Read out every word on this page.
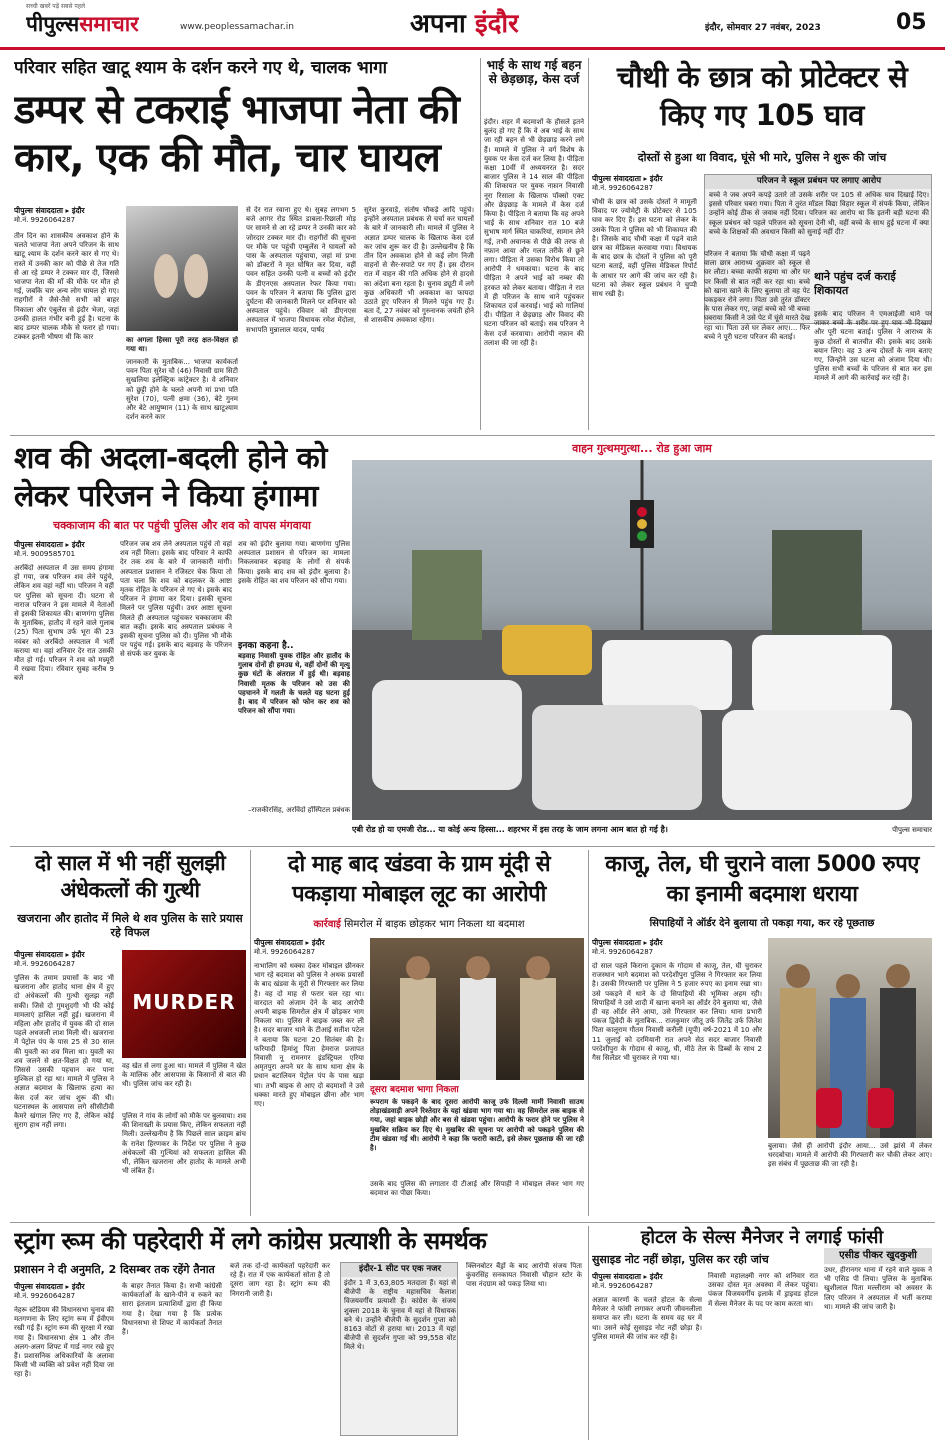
सच्ची खबरें पढ़ें सबसे पहले
पीपुल्ससमाचार	www.peoplessamachar.in	अपना इंदौर	इंदौर, सोमवार 27 नवंबर, 2023	05
परिवार सहित खाटू श्याम के दर्शन करने गए थे, चालक भागा
डम्पर से टकराई भाजपा नेता की कार, एक की मौत, चार घायल
पीपुल्स संवाददाता ▸ इंदौर
मो.नं. 9926064287
तीन दिन का शासकीय अवकाश होने के चलते भाजपा नेता अपने परिजन के साथ खाटू श्याम के दर्शन करने कार से गए थे। रास्ते में उनकी कार को पीछे से तेज गति से आ रहे डम्पर ने टक्कर मार दी, जिससे भाजपा नेता की माँ की मौके पर मौत हो गई, जबकि चार अन्य लोग घायल हो गए। राहगीरों ने जैसे-तैसे सभी को बाहर निकाला और एंबुलेंस से इंदौर भेजा, जहां उनकी हालत गंभीर बनी हुई है। घटना के बाद डम्पर चालक मौके से फरार हो गया। टक्कर इतनी भीषण थी कि कार	का अगला हिस्सा पूरी तरह क्षत-विक्षत हो गया था।
जानकारी के मुताबिक... भाजपा कार्यकर्ता पवन पिता सुरेश चौ (46) निवासी ग्राम सिटी सुखलिया इलेक्ट्रिक कांट्रेक्टर है। वे शनिवार को छुट्टी होने के चलते अपनी मां प्रभा पति सुरेश (70), पत्नी क्षमा (36), बेटे गुनम और बेटे आयुष्मान (11) के साथ खाटूश्याम दर्शन करने कार
से देर रात रवाना हुए थे। सुबह लगभग 5 बजे आगर रोड स्थित डाबला-रिछाली मोड़ पर सामने से आ रहे डम्पर ने उनकी कार को जोरदार टक्कर मार दी। राहगीरों की सूचना पर मौके पर पहुंची एम्बुलेंस ने घायलों को पास के अस्पताल पहुंचाया, जहां मां प्रभा को डॉक्टरों ने मृत घोषित कर दिया, वहीं पवन सहित उनकी पत्नी व बच्चों को इंदौर के डीएनएस अस्पताल रेफर किया गया। पवन के परिजन ने बताया कि पुलिस द्वारा दुर्घटना की जानकारी मिलने पर शनिवार को अस्पताल पहुंचे। रविवार को डीएनएस अस्पताल में भाजपा विधायक रमेश मेंदोला, सभापति मुन्नालाल यादव, पार्षद
सुरेश कुरवाड़े, संतोष चौकड़े आदि पहुंचे। इन्होंने अस्पताल प्रबंधक से चर्चा कर घायलों के बारे में जानकारी ली। मामले में पुलिस ने अज्ञात डम्पर चालक के खिलाफ केस दर्ज कर जांच शुरू कर दी है। उल्लेखनीय है कि तीन दिन अवकाश होने से कई लोग निजी वाहनों से सैर-सपाटे पर गए हैं। इस दौरान रात में वाहन की गति अधिक होने से हादसे का अंदेशा बना रहता है। चुनाव ड्यूटी में लगे कुछ अधिकारी भी अवकाश का फायदा उठाते हुए परिजन से मिलने पहुंच गए हैं। बता दें, 27 नवंबर को गुरुनानक जयंती होने से शासकीय अवकाश रहेगा।
भाई के साथ गई बहन से छेड़छाड़, केस दर्ज
इंदौर। शहर में बदमाशों के हौसले इतने बुलंद हो गए हैं कि वे अब भाई के साथ जा रही बहन से भी छेड़छाड़ करने लगे हैं। मामले में पुलिस ने वर्ग विशेष के युवक पर केस दर्ज कर लिया है। पीड़िता कक्षा 10वीं में अध्ययनरत है। सदर बाजार पुलिस ने 14 साल की पीड़िता की शिकायत पर युवक नफ़ान निवासी नूरा रिसाला के खिलाफ पॉक्सो एक्ट और छेड़छाड़ के मामले में केस दर्ज किया है। पीड़िता ने बताया कि वह अपने भाई के साथ शनिवार रात 10 बजे सुभाष मार्ग स्थित चाकरियां, सामान लेने गई, तभी अचानक से पीछे की तरफ से नफ़ान आया और गलत तरीके से छूने लगा। पीड़िता ने उसका विरोध किया तो आरोपी ने धमकाया। घटना के बाद पीड़िता ने अपने भाई को नम्बर की हरकत को लेकर बताया। पीड़िता ने रात में ही परिजन के साथ थाने पहुंचकर शिकायत दर्ज करवाई। भाई को गालियां दी। पीड़िता ने छेड़छाड़ और विवाद की घटना परिजन को बताई। सब परिजन ने केस दर्ज करवाया। आरोपी नफ़ान की तलाश की जा रही है।
चौथी के छात्र को प्रोटेक्टर से किए गए 105 घाव
दोस्तों से हुआ था विवाद, घूंसे भी मारे, पुलिस ने शुरू की जांच
पीपुल्स संवाददाता ▸ इंदौर
मो.नं. 9926064287
चौथी के छात्र को उसके दोस्तों ने मामूली विवाद पर ज्योमेट्री के प्रोटेक्टर से 105 घाव कर दिए हैं। इस घटना को लेकर के उसके पिता ने पुलिस को भी शिकायत की है। जिसके बाद चौथी कक्षा में पढ़ने वाले छात्र का मेडिकल करवाया गया। विधायक के बाद छात्र के दोस्तों ने पुलिस को पूरी घटना बताई, वहीं पुलिस मेडिकल रिपोर्ट के आधार पर आगे की जांच कर रही है। घटना को लेकर स्कूल प्रबंधन ने चुप्पी साध रखी है।
परिजन ने स्कूल प्रबंधन पर लगाए आरोप
बच्चे ने जब अपने कपड़े उतारे तो उसके शरीर पर 105 से अधिक घाव दिखाई दिए। इससे परिवार घबरा गया। पिता ने तुरंत मॉडल विद्या विहार स्कूल में संपर्क किया, लेकिन उन्होंने कोई ठीक से जवाब नहीं दिया। परिजन का आरोप था कि इतनी बड़ी घटना की स्कूल प्रबंधन को पहले परिजन को सूचना देनी थी, वहीं बच्चे के साथ हुई घटना में क्या बच्चे के शिक्षकों की अवधान किसी को सुनाई नहीं दी?
परिजन ने बताया कि चौथी कक्षा में पढ़ने वाला छात्र आराध्य शुक्रवार को स्कूल से घर लौटा। बच्चा काफी सहमा था और घर पर किसी से बात नहीं कर रहा था। बच्चे को खाना खाने के लिए बुलाया तो वह पेट पकड़कर रोने लगा। पिता उसे तुरंत डॉक्टर के पास लेकर गए, जहां बच्चे को भी बच्चा घबराया किसी ने उसे पेट में घूंसे मारते देख रहा था। पिता उसे घर लेकर आए।... फिर बच्चे ने पूरी घटना परिजन की बताई।
थाने पहुंच दर्ज कराई शिकायत
इसके बाद परिजन ने एमआईजी थाने पर जाकर बच्चे के शरीर पर हुए घाव भी दिखाए और पूरी घटना बताई। पुलिस ने आराध्य के कुछ दोस्तों से बातचीत की। इसके बाद उसके बयान लिए। वह 3 अन्य दोस्तों के नाम बताए गए, जिन्होंने उस घटना को अंजाम दिया थी। पुलिस सभी बच्चों के परिजन से बात कर इस मामले में आगे की कार्रवाई कर रही है।
शव की अदला-बदली होने को लेकर परिजन ने किया हंगामा
चक्काजाम की बात पर पहुंची पुलिस और शव को वापस मंगवाया
पीपुल्स संवाददाता ▸ इंदौर
मो.नं. 9009585701
अरबिंदो अस्पताल में उस समय हंगामा हो गया, जब परिजन शव लेने पहुंचे, लेकिन शव वहां नहीं था। परिजन ने वहीं पर पुलिस को सूचना दी। घटना से नाराज परिजन ने इस मामले में नेताओं से इसकी शिकायत की। बाणगंगा पुलिस के मुताबिक, हातौद में रहने वाले गुलाब (25) पिता सुभाष उर्फ भूरा की 23 नवंबर को अरबिंदो अस्पताल में भर्ती कराया था। वहां शनिवार देर रात उसकी मौत हो गई। परिजन ने शव को मच्र्यूरी में रखवा दिया। रविवार सुबह करीब 9 बजे
परिजन जब शव लेने अस्पताल पहुंचे तो वहां शव नहीं मिला। इसके बाद परिवार ने काफी देर तक शव के बारे में जानकारी मांगी। अस्पताल प्रशासन ने रजिस्टर चेक किया तो पता चला कि शव को बदलकर के आष्टा मृतक रोहित के परिजन ले गए थे। इसके बाद परिजन ने हंगामा कर दिया। इसकी सूचना मिलने पर पुलिस पहुंची। उधर आष्टा सूचना मिलते ही अस्पताल पहुंचकर चक्काजाम की बात कही। इसके बाद अस्पताल प्रबंधक ने इसकी सूचना पुलिस को दी। पुलिस भी मौके पर पहुंच गई। इसके बाद बड़वाह के परिजन से संपर्क कर युवक के
शव को इंदौर बुलाया गया। बाणगंगा पुलिस अस्पताल प्रशासन से परिजन का मामला निकलवाकर बड़वाह के लोगों से संपर्क किया। इसके बाद शव को इंदौर बुलाया है। इसके रोहित का शव परिजन को सौंपा गया।
इनका कहना है..
बड़वाह निवासी युवक रोहित और हातौद के गुलाब दोनों ही हमउम्र थे, वहीं दोनों की मृत्यु कुछ घंटों के अंतराल में हुई थी। बड़वाह निवासी मृतक के परिजन को उस की पहचानने में गलती के चलते यह घटना हुई है। बाद में परिजन को फोन कर शव को परिजन को सौंपा गया।
–राजकीरसिंह, अरविंदो हॉस्पिटल प्रबंधक
वाहन गुत्थमगुत्था... रोड हुआ जाम
एबी रोड हो या एमजी रोड... या कोई अन्य हिस्सा... शहरभर में इस तरह के जाम लगना आम बात हो गई है।	पीपुल्स समाचार
दो साल में भी नहीं सुलझी अंधेकत्लों की गुत्थी
खजराना और हातोद में मिले थे शव पुलिस के सारे प्रयास रहे विफल
पीपुल्स संवाददाता ▸ इंदौर
मो.नं. 9926064287
पुलिस के तमाम प्रयासों के बाद भी खजराना और हातोद थाना क्षेत्र में हुए दो अंधेकत्लों की गुत्थी सुलझ नहीं सकी। जिसे दो गुमशुदगी भी फी कोई मामलाएं हासिल नहीं हुई। खजराना में महिला और हातोद में युवक की दो साल पहले अधजली लाश मिली थी। खजराना में पेट्रोल पंप के पास 25 से 30 साल की युवती का शव मिला था। युवती का शव जलने से क्षत-विक्षत हो गया था, जिससे उसकी पहचान कर पाना मुश्किल हो रहा था। मामले में पुलिस ने अज्ञात बदमाश के खिलाफ हत्या का केस दर्ज कर जांच शुरू की थी। घटनास्थल के आसपास लगे सीसीटीवी कैमरे खंगाल लिए गए हैं, लेकिन कोई सुराग हाथ नहीं लगा।
MURDER
वह खेत से लगा हुआ था। मामले में पुलिस ने खेत के मालिक और आसपास के किसानों से बात की थी। पुलिस जांच कर रही है।
पुलिस ने गांव के लोगों को मौके पर बुलवाया। शव की शिनाख्ती के प्रयास किए, लेकिन सफलता नहीं मिली। उल्लेखनीय है कि पिछले साल क्राइम ब्रांच के रानेश हिरणकर के निर्देश पर पुलिस ने कुछ अंधेकत्लों की गुत्थियां को सफलता हासिल की थी, लेकिन खजराना और हातोद के मामले अभी भी लंबित हैं।
दो माह बाद खंडवा के ग्राम मूंदी से पकड़ाया मोबाइल लूट का आरोपी
कार्रवाई सिमरोल में बाइक छोड़कर भाग निकला था बदमाश
पीपुल्स संवाददाता ▸ इंदौर
मो.नं. 9926064287
नाभालिग को धक्का देकर मोबाइल छीनकर भाग रहे बदमाश को पुलिस ने अथक प्रयासों के बाद खंडवा के मूंदी से गिरफ्तार कर लिया है। वह दो माह से फरार चल रहा था। वारदात को अंजाम देने के बाद आरोपी अपनी बाइक सिमरोल क्षेत्र में छोड़कर भाग निकला था। पुलिस ने बाइक जब्त कर ली है। सदर बाजार थाने के टीआई सतीश पटेल ने बताया कि घटना 20 सितंबर की है। फरियादी हिमांशु पिता हेमराज प्रजापत निवासी नू रामनगर इंडस्ट्रियल एरिया अमृतपुरा अपने घर के साथ थाना क्षेत्र के प्रधान बटालियन पेट्रोल पंप के पास खड़ा था। तभी बाइक से आए दो बदमाशों ने उसे धक्का मारते हुए मोबाइल छीना और भाग गए।
दूसरा बदमाश भागा निकला
रूपराम के पकड़ने के बाद दूसरा आरोपी काजू उर्फ दिल्ली मामी निवासी साउथ तोड़ाखंडवाड़ी अपने रिश्तेदार के यहां खंडवा भाग गया था। वह सिमरोल तक बाइक से गया, जहां बाइक छोड़ी और बस से खंडवा पहुंचा। आरोपी के फरार होने पर पुलिस ने मुखबिर सक्रिय कर दिए थे। मुखबिर की सूचना पर आरोपी को पकड़ने पुलिस की टीम खंडवा गई थी। आरोपी ने कहा कि फरारी काटी, इसे लेकर पूछताछ की जा रही है।
उसके बाद पुलिस की लगातार दी टीआई और सिपाही ने मोबाइल लेकर भाग गए बदमाश का पीछा किया।
काजू, तेल, घी चुराने वाला 5000 रुपए का इनामी बदमाश धराया
सिपाहियों ने ऑर्डर देने बुलाया तो पकड़ा गया, कर रहे पूछताछ
पीपुल्स संवाददाता ▸ इंदौर
मो.नं. 9926064287
दो साल पहले किराना दुकान के गोदाम से काजू, तेल, घी चुराकर राजस्थान भागे बदमाश को परदेशीपुरा पुलिस ने गिरफ्तार कर लिया है। उसकी गिरफ्तारी पर पुलिस ने 5 हजार रुपए का इनाम रखा था। उसे पकड़ने में थाने के दो सिपाहियों की भूमिका अहम रही। सिपाहियों ने उसे शादी में खाना बनाने का ऑर्डर देने बुलाया था, जैसे ही वह ऑर्डर लेने आया, उसे गिरफ्तार कर लिया। थाना प्रभारी पंकज द्विवेदी के मुताबिक... राजकुमार जीतू उर्फ जितेंद्र उर्फ जितेश पिता कालूराम गौतम निवासी करौली (यूपी) वर्ष-2021 में 10 और 11 जुलाई को दरमियानी रात अपने सेठ सदर बाजार निवासी परदेशीपुरा के गोदाम से काजू, घी, मीठे तेल के डिब्बों के साथ 2 गैस सिलेंडर भी चुराकर ले गया था।
बुलाया। जैसे ही आरोपी इंदौर आया... उसे झांसे में लेकर धरदबोचा। मामले में आरोपी की गिरफ्तारी कर चौकी लेकर आए। इस संबंध में पूछताछ की जा रही है।
स्ट्रांग रूम की पहरेदारी में लगे कांग्रेस प्रत्याशी के समर्थक
प्रशासन ने दी अनुमति, 2 दिसम्बर तक रहेंगे तैनात
पीपुल्स संवाददाता ▸ इंदौर
मो.नं. 9926064287
नेहरू स्टेडियम की विधानसभा चुनाव की मतगणना के लिए स्ट्रांग रूम में ईवीएम रखी गई हैं। स्ट्रांग रूम की सुरक्षा में रखा गया है। विधानसभा क्षेत्र 1 और तीन अलग-अलग शिफ्ट में गार्ड नगर रखे हुए हैं। प्रशासनिक अधिकारियों के अलावा किसी भी व्यक्ति को प्रवेश नहीं दिया जा रहा है।
के बाहर तैनात किया है। सभी कांग्रेसी कार्यकर्ताओं के खाने-पीने व रुकने का सारा इंतजाम प्रत्याशियों द्वारा ही किया गया है। देखा गया है कि प्रत्येक विधानसभा से शिफ्ट में कार्यकर्ता तैनात हैं।
बजे तक दो-दो कार्यकर्ता पहरेदारी कर रहे हैं। रात में एक कार्यकर्ता सोता है तो दूसरा जाग रहा है। स्ट्रांग रूम की निगरानी जारी है।
इंदौर-1 सीट पर एक नजर
इंदौर 1 में 3,63,805 मतदाता हैं। यहां से बीजेपी के राष्ट्रीय महासचिव कैलाश विजयवर्गीय प्रत्याशी हैं। कांग्रेस के संजय शुक्ला 2018 के चुनाव में यहां से विधायक बने थे। उन्होंने बीजेपी के सुदर्शन गुप्ता को 8163 वोटों से हराया था। 2013 में यहां बीजेपी से सुदर्शन गुप्ता को 99,558 वोट मिले थे।
क्लिनबोटर बैंड्रों के बाद आरोपी संजय पिता कुंवरसिंह सनकायत निवासी चौहान स्टोर के पास नंदग्राम को पकड़ लिया था।
होटल के सेल्स मैनेजर ने लगाई फांसी
सुसाइड नोट नहीं छोड़ा, पुलिस कर रही जांच
पीपुल्स संवाददाता ▸ इंदौर
मो.नं. 9926064287
अज्ञात कारणों के चलते होटल के सेल्स मैनेजर ने फांसी लगाकर अपनी जीवनलीला समाप्त कर ली। घटना के समय वह घर में था। उसने कोई सुसाइड नोट नहीं छोड़ा है। पुलिस मामले की जांच कर रही है।
निवासी महालक्ष्मी नगर को शनिवार रात उसका दोस्त मृत अवस्था में लेकर पहुंचा। पंकज विजयवर्गीय इलाके में ड्राइवड होटल में सेल्स मैनेजर के पद पर काम करता था।
एसीड पीकर खुदकुशी
उधर, हीरानगर थाना में रहने वाले युवक ने भी एसिड पी लिया। पुलिस के मुताबिक खुशीलाल पिता मल्लीराम को अवसर के लिए परिजन ने अस्पताल में भर्ती कराया था। मामले की जांच जारी है।
